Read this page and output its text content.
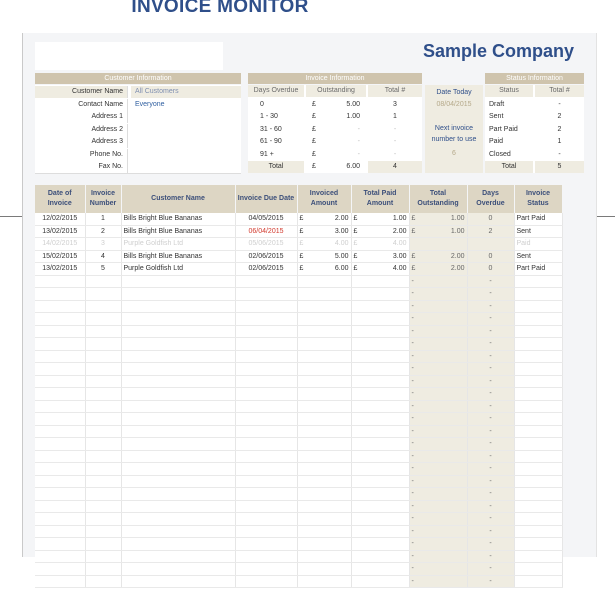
Sample Company
Customer Information
Customer Name	All Customers
Contact Name	Everyone
Address 1
Address 2
Address 3
Phone No.
Fax No.
Invoice Information
Days Overdue	Outstanding	Total #
0	£	5.00	3
1 - 30	£	1.00	1
31 - 60	£	-	-
61 - 90	£	-	-
91 +	£	-	-
Total	£	6.00	4
Date Today
08/04/2015
Next invoice
number to use
6
Status Information
Status	Total #
Draft	-
Sent	2
Part Paid	2
Paid	1
Closed	-
Total	5
Date of Invoice	Invoice Number	Customer Name	Invoice Due Date	Invoiced Amount	Total Paid Amount	Total Outstanding	Days Overdue	Invoice Status
12/02/2015	1	Bills Bright Blue Bananas	04/05/2015	£ 2.00	£ 1.00	£ 1.00	0	Part Paid
13/02/2015	2	Bills Bright Blue Bananas	06/04/2015	£ 3.00	£ 2.00	£ 1.00	2	Sent
14/02/2015	3	Purple Goldfish Ltd	05/06/2015	£ 4.00	£ 4.00			Paid
15/02/2015	4	Bills Bright Blue Bananas	02/06/2015	£ 5.00	£ 3.00	£ 2.00	0	Sent
13/02/2015	5	Purple Goldfish Ltd	02/06/2015	£ 6.00	£ 4.00	£ 2.00	0	Part Paid
						-	-	
						-	-	
						-	-	
						-	-	
						-	-	
						-	-	
						-	-	
						-	-	
						-	-	
						-	-	
						-	-	
						-	-	
						-	-	
						-	-	
						-	-	
						-	-	
						-	-	
						-	-	
						-	-	
						-	-	
						-	-	
						-	-	
						-	-	
						-	-	
						-	-	
INVOICE MONITOR
